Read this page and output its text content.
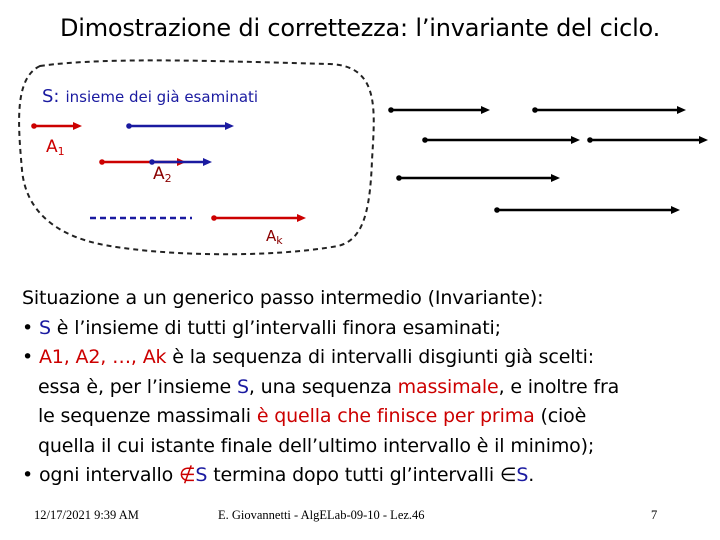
Dimostrazione di correttezza: l’invariante del ciclo.
S: insieme dei già esaminati
$A_1$
$A_2$
$A_k$

Situazione a un generico passo intermedio (Invariante):

• S è l’insieme di tutti gl’intervalli finora esaminati;

• A1, A2, …, Ak è la sequenza di intervalli disgiunti già scelti:

essa è, per l’insieme S, una sequenza massimale, e inoltre fra

le sequenze massimali è quella che finisce per prima (cioè

quella il cui istante finale dell’ultimo intervallo è il minimo);

• ogni intervallo ∉S termina dopo tutti gl’intervalli ∈S.

12/17/2021 9:39 AM	E. Giovannetti - AlgELab-09-10 - Lez.46	7
